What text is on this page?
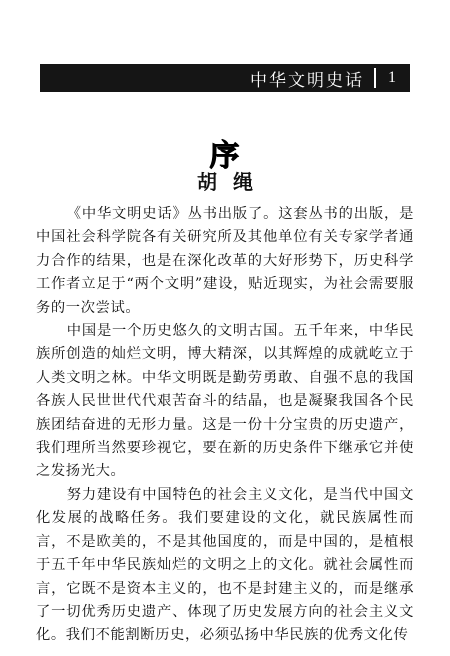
中华文明史话 1
序
胡绳

《中华文明史话》丛书出版了。这套丛书的出版，是中国社会科学院各有关研究所及其他单位有关专家学者通力合作的结果，也是在深化改革的大好形势下，历史科学工作者立足于“两个文明”建设，贴近现实，为社会需要服务的一次尝试。

中国是一个历史悠久的文明古国。五千年来，中华民族所创造的灿烂文明，博大精深，以其辉煌的成就屹立于人类文明之林。中华文明既是勤劳勇敢、自强不息的我国各族人民世世代代艰苦奋斗的结晶，也是凝聚我国各个民族团结奋进的无形力量。这是一份十分宝贵的历史遗产，我们理所当然要珍视它，要在新的历史条件下继承它并使之发扬光大。

努力建设有中国特色的社会主义文化，是当代中国文化发展的战略任务。我们要建设的文化，就民族属性而言，不是欧美的，不是其他国度的，而是中国的，是植根于五千年中华民族灿烂的文明之上的文化。就社会属性而言，它既不是资本主义的，也不是封建主义的，而是继承了一切优秀历史遗产、体现了历史发展方向的社会主义文化。我们不能割断历史，必须弘扬中华民族的优秀文化传
